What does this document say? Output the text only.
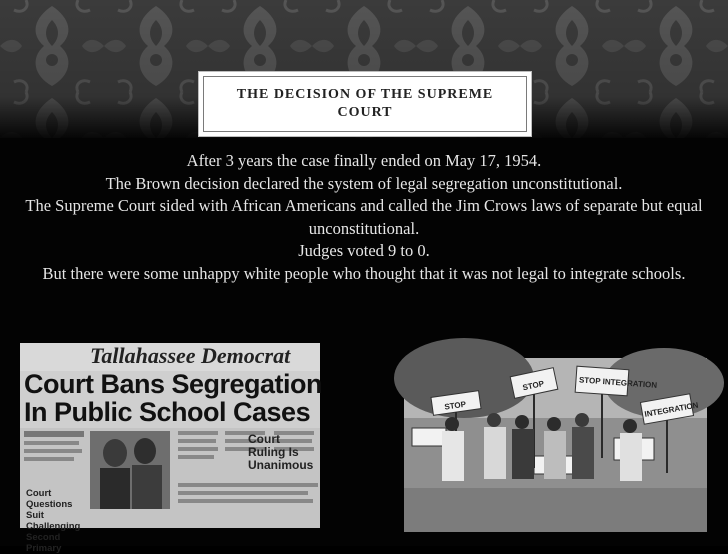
THE DECISION OF THE SUPREME COURT

After 3 years the case finally ended on May 17, 1954.

The Brown decision declared the system of legal segregation unconstitutional.

The Supreme Court sided with African Americans and called the Jim Crows laws of separate but equal unconstitutional.

Judges voted 9 to 0.

But there were some unhappy white people who thought that it was not legal to integrate schools.

Tallahassee Democrat
Court Bans Segregation
In Public School Cases
Court Ruling Is Unanimous
Court Questions Suit Challenging Second Primary
STOP
STOP	STOP INTEGRATION
INTEGRATION
